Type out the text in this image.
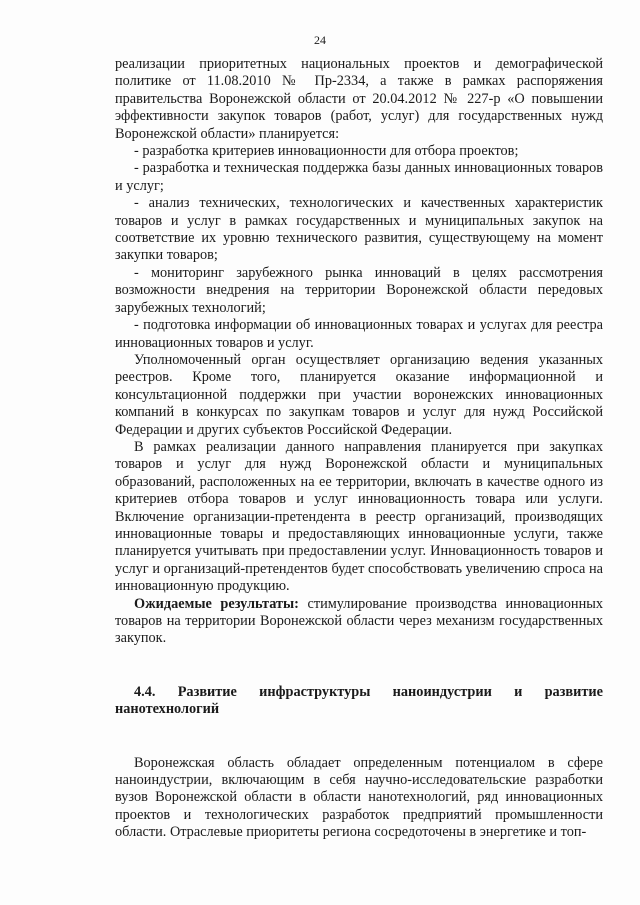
24

реализации приоритетных национальных проектов и демографической политике от 11.08.2010 № Пр-2334, а также в рамках распоряжения правительства Воронежской области от 20.04.2012 № 227-р «О повышении эффективности закупок товаров (работ, услуг) для государственных нужд Воронежской области» планируется:

- разработка критериев инновационности для отбора проектов;

- разработка и техническая поддержка базы данных инновационных товаров и услуг;

- анализ технических, технологических и качественных характеристик товаров и услуг в рамках государственных и муниципальных закупок на соответствие их уровню технического развития, существующему на момент закупки товаров;

- мониторинг зарубежного рынка инноваций в целях рассмотрения возможности внедрения на территории Воронежской области передовых зарубежных технологий;

- подготовка информации об инновационных товарах и услугах для реестра инновационных товаров и услуг.

Уполномоченный орган осуществляет организацию ведения указанных реестров. Кроме того, планируется оказание информационной и консультационной поддержки при участии воронежских инновационных компаний в конкурсах по закупкам товаров и услуг для нужд Российской Федерации и других субъектов Российской Федерации.

В рамках реализации данного направления планируется при закупках товаров и услуг для нужд Воронежской области и муниципальных образований, расположенных на ее территории, включать в качестве одного из критериев отбора товаров и услуг инновационность товара или услуги. Включение организации-претендента в реестр организаций, производящих инновационные товары и предоставляющих инновационные услуги, также планируется учитывать при предоставлении услуг. Инновационность товаров и услуг и организаций-претендентов будет способствовать увеличению спроса на инновационную продукцию.

Ожидаемые результаты: стимулирование производства инновационных товаров на территории Воронежской области через механизм государственных закупок.

4.4. Развитие инфраструктуры наноиндустрии и развитие нанотехнологий

Воронежская область обладает определенным потенциалом в сфере наноиндустрии, включающим в себя научно-исследовательские разработки вузов Воронежской области в области нанотехнологий, ряд инновационных проектов и технологических разработок предприятий промышленности области. Отраслевые приоритеты региона сосредоточены в энергетике и топ-
